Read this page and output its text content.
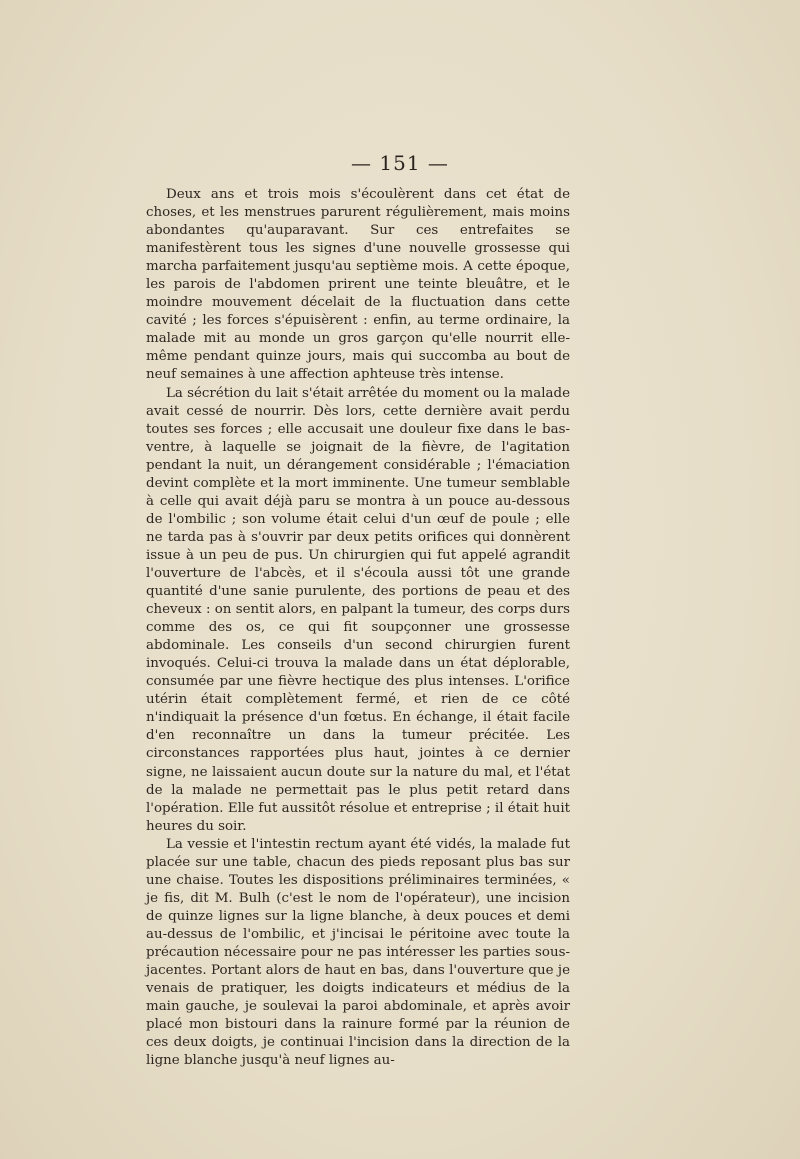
— 151 —

Deux ans et trois mois s'écoulèrent dans cet état de choses, et les menstrues parurent régulièrement, mais moins abondantes qu'auparavant. Sur ces entrefaites se manifestèrent tous les signes d'une nouvelle grossesse qui marcha parfaitement jusqu'au septième mois. A cette époque, les parois de l'abdomen prirent une teinte bleuâtre, et le moindre mouvement décelait de la fluctuation dans cette cavité ; les forces s'épuisèrent : enfin, au terme ordinaire, la malade mit au monde un gros garçon qu'elle nourrit elle-même pendant quinze jours, mais qui succomba au bout de neuf semaines à une affection aphteuse très intense.

La sécrétion du lait s'était arrêtée du moment ou la malade avait cessé de nourrir. Dès lors, cette dernière avait perdu toutes ses forces ; elle accusait une douleur fixe dans le bas-ventre, à laquelle se joignait de la fièvre, de l'agitation pendant la nuit, un dérangement considérable ; l'émaciation devint complète et la mort imminente. Une tumeur semblable à celle qui avait déjà paru se montra à un pouce au-dessous de l'ombilic ; son volume était celui d'un œuf de poule ; elle ne tarda pas à s'ouvrir par deux petits orifices qui donnèrent issue à un peu de pus. Un chirurgien qui fut appelé agrandit l'ouverture de l'abcès, et il s'écoula aussi tôt une grande quantité d'une sanie purulente, des portions de peau et des cheveux : on sentit alors, en palpant la tumeur, des corps durs comme des os, ce qui fit soupçonner une grossesse abdominale. Les conseils d'un second chirurgien furent invoqués. Celui-ci trouva la malade dans un état déplorable, consumée par une fièvre hectique des plus intenses. L'orifice utérin était complètement fermé, et rien de ce côté n'indiquait la présence d'un fœtus. En échange, il était facile d'en reconnaître un dans la tumeur précitée. Les circonstances rapportées plus haut, jointes à ce dernier signe, ne laissaient aucun doute sur la nature du mal, et l'état de la malade ne permettait pas le plus petit retard dans l'opération. Elle fut aussitôt résolue et entreprise ; il était huit heures du soir.

La vessie et l'intestin rectum ayant été vidés, la malade fut placée sur une table, chacun des pieds reposant plus bas sur une chaise. Toutes les dispositions préliminaires terminées, « je fis, dit M. Bulh (c'est le nom de l'opérateur), une incision de quinze lignes sur la ligne blanche, à deux pouces et demi au-dessus de l'ombilic, et j'incisai le péritoine avec toute la précaution nécessaire pour ne pas intéresser les parties sous-jacentes. Portant alors de haut en bas, dans l'ouverture que je venais de pratiquer, les doigts indicateurs et médius de la main gauche, je soulevai la paroi abdominale, et après avoir placé mon bistouri dans la rainure formé par la réunion de ces deux doigts, je continuai l'incision dans la direction de la ligne blanche jusqu'à neuf lignes au-
